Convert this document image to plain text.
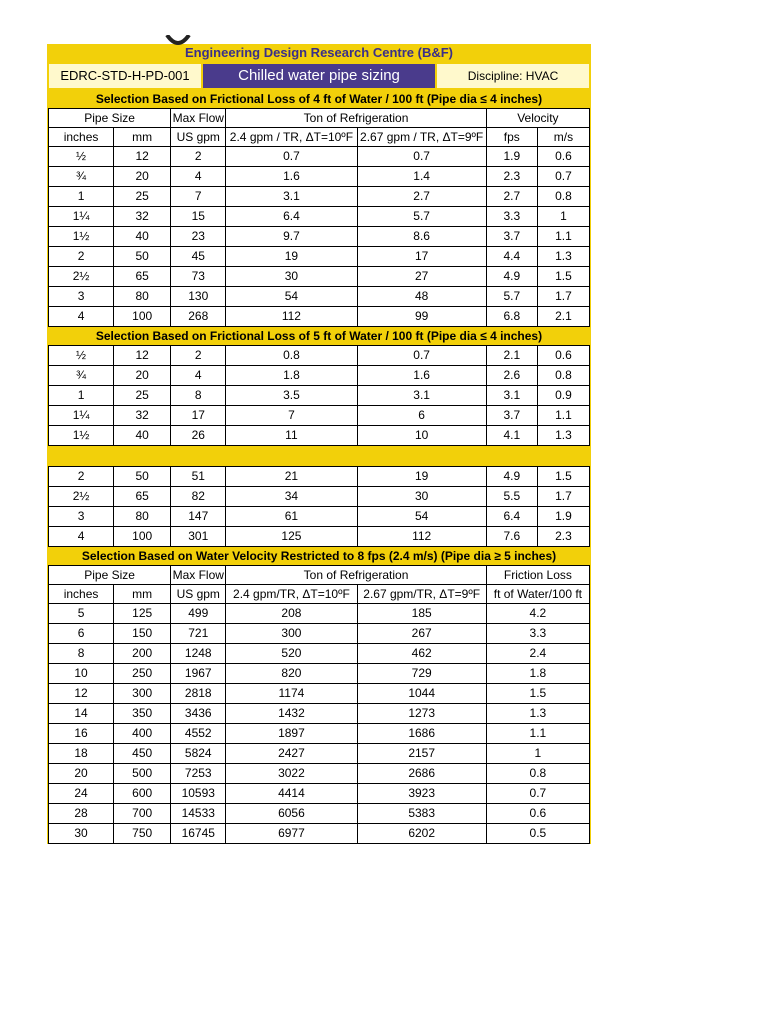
Engineering Design Research Centre (B&F)
EDRC-STD-H-PD-001	Chilled water pipe sizing	Discipline: HVAC
Selection Based on Frictional Loss of 4 ft of Water / 100 ft (Pipe dia ≤ 4 inches)
Pipe Size		Max Flow	Ton of Refrigeration		Velocity	
inches	mm	US gpm	2.4 gpm / TR, ΔT=10ºF	2.67 gpm / TR, ΔT=9ºF	fps	m/s
½	12	2	0.7	0.7	1.9	0.6
¾	20	4	1.6	1.4	2.3	0.7
1	25	7	3.1	2.7	2.7	0.8
1¼	32	15	6.4	5.7	3.3	1
1½	40	23	9.7	8.6	3.7	1.1
2	50	45	19	17	4.4	1.3
2½	65	73	30	27	4.9	1.5
3	80	130	54	48	5.7	1.7
4	100	268	112	99	6.8	2.1
Selection Based on Frictional Loss of 5 ft of Water / 100 ft (Pipe dia ≤ 4 inches)
½	12	2	0.8	0.7	2.1	0.6
¾	20	4	1.8	1.6	2.6	0.8
1	25	8	3.5	3.1	3.1	0.9
1¼	32	17	7	6	3.7	1.1
1½	40	26	11	10	4.1	1.3
2	50	51	21	19	4.9	1.5
2½	65	82	34	30	5.5	1.7
3	80	147	61	54	6.4	1.9
4	100	301	125	112	7.6	2.3
Selection Based on Water Velocity Restricted to 8 fps (2.4 m/s) (Pipe dia ≥ 5 inches)
Pipe Size		Max Flow	Ton of Refrigeration		Friction Loss
inches	mm	US gpm	2.4 gpm/TR, ΔT=10ºF	2.67 gpm/TR, ΔT=9ºF	ft of Water/100 ft
5	125	499	208	185	4.2
6	150	721	300	267	3.3
8	200	1248	520	462	2.4
10	250	1967	820	729	1.8
12	300	2818	1174	1044	1.5
14	350	3436	1432	1273	1.3
16	400	4552	1897	1686	1.1
18	450	5824	2427	2157	1
20	500	7253	3022	2686	0.8
24	600	10593	4414	3923	0.7
28	700	14533	6056	5383	0.6
30	750	16745	6977	6202	0.5
